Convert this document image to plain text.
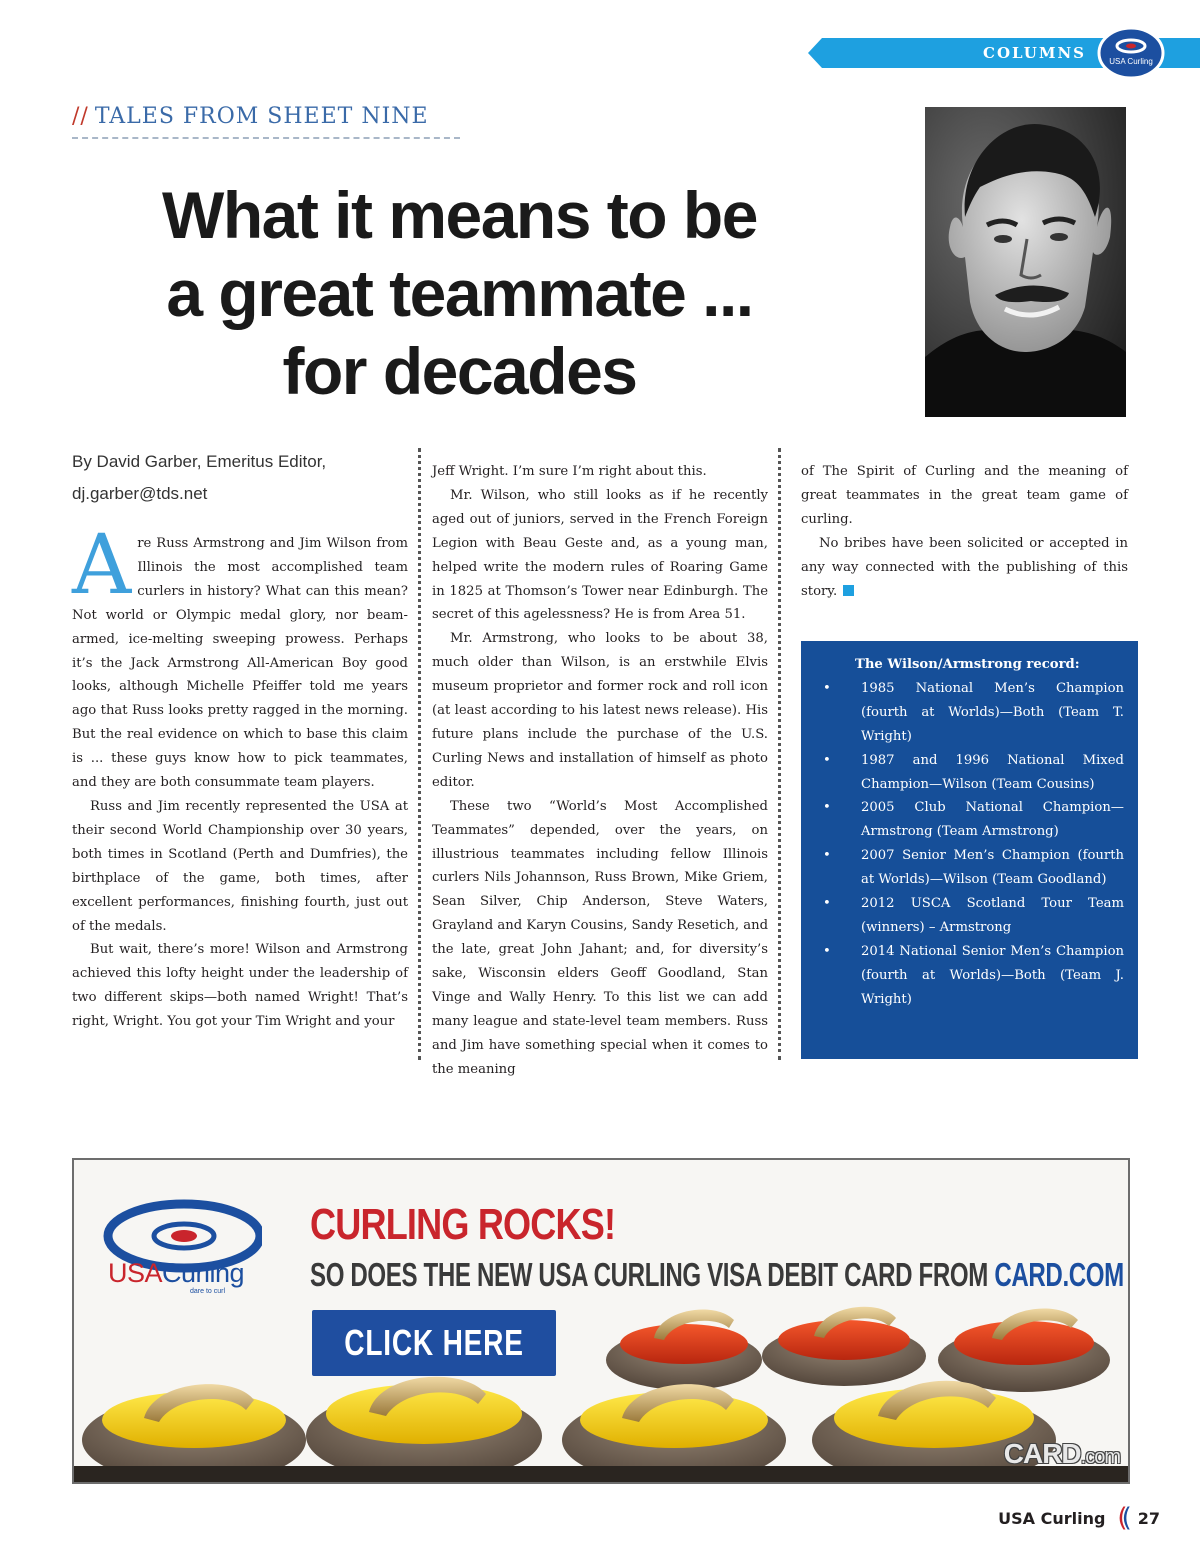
COLUMNS	USA Curling
// TALES FROM SHEET NINE
What it means to be
a great teammate ...
for decades
By David Garber, Emeritus Editor,
dj.garber@tds.net

Are Russ Armstrong and Jim Wilson from Illinois the most accomplished team curlers in history? What can this mean? Not world or Olympic medal glory, nor beam-armed, ice-melting sweeping prowess. Perhaps it’s the Jack Armstrong All-American Boy good looks, although Michelle Pfeiffer told me years ago that Russ looks pretty ragged in the morning. But the real evidence on which to base this claim is ... these guys know how to pick teammates, and they are both consummate team players.

Russ and Jim recently represented the USA at their second World Championship over 30 years, both times in Scotland (Perth and Dumfries), the birthplace of the game, both times, after excellent performances, finishing fourth, just out of the medals.

But wait, there’s more! Wilson and Armstrong achieved this lofty height under the leadership of two different skips—both named Wright! That’s right, Wright. You got your Tim Wright and your

Jeff Wright. I’m sure I’m right about this.

Mr. Wilson, who still looks as if he recently aged out of juniors, served in the French Foreign Legion with Beau Geste and, as a young man, helped write the modern rules of Roaring Game in 1825 at Thomson’s Tower near Edinburgh. The secret of this agelessness? He is from Area 51.

Mr. Armstrong, who looks to be about 38, much older than Wilson, is an erstwhile Elvis museum proprietor and former rock and roll icon (at least according to his latest news release). His future plans include the purchase of the U.S. Curling News and installation of himself as photo editor.

These two “World’s Most Accomplished Teammates” depended, over the years, on illustrious teammates including fellow Illinois curlers Nils Johannson, Russ Brown, Mike Griem, Sean Silver, Chip Anderson, Steve Waters, Grayland and Karyn Cousins, Sandy Resetich, and the late, great John Jahant; and, for diversity’s sake, Wisconsin elders Geoff Goodland, Stan Vinge and Wally Henry. To this list we can add many league and state-level team members. Russ and Jim have something special when it comes to the meaning

of The Spirit of Curling and the meaning of great teammates in the great team game of curling.

No bribes have been solicited or accepted in any way connected with the publishing of this story.

The Wilson/Armstrong record:
• 1985 National Men’s Champion (fourth at Worlds)—Both (Team T. Wright)
• 1987 and 1996 National Mixed Champion—Wilson (Team Cousins)
• 2005 Club National Champion—Armstrong (Team Armstrong)
• 2007 Senior Men’s Champion (fourth at Worlds)—Wilson (Team Goodland)
• 2012 USCA Scotland Tour Team (winners) – Armstrong
• 2014 National Senior Men’s Champion (fourth at Worlds)—Both (Team J. Wright)
USACurling
dare to curl
CURLING ROCKS!
SO DOES THE NEW USA CURLING VISA DEBIT CARD FROM CARD.COM
CLICK HERE
CARD.com
USA Curling (( 27
